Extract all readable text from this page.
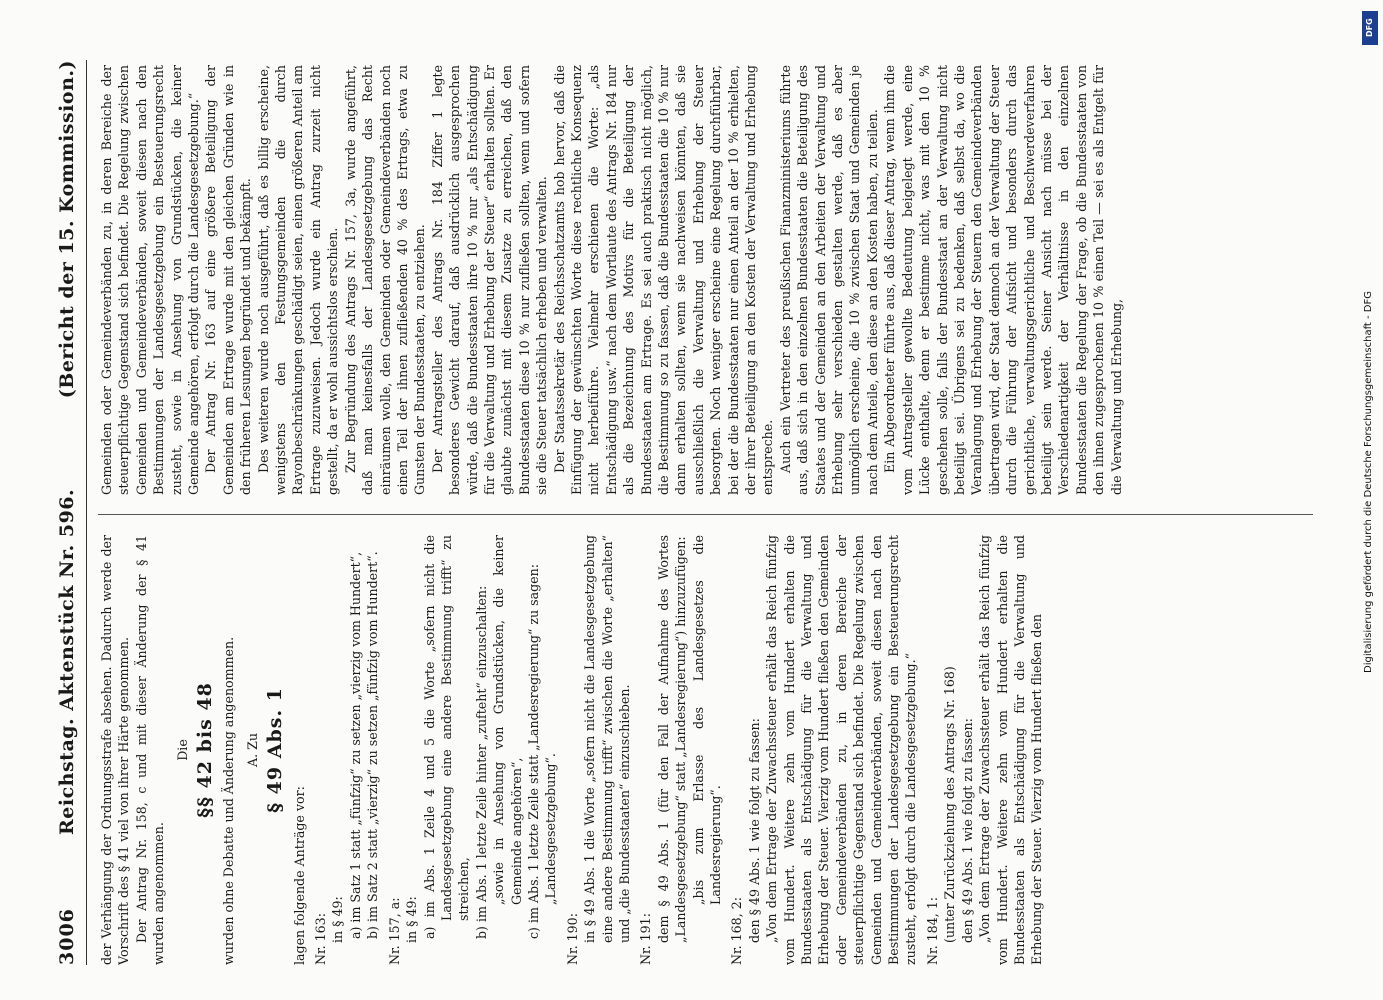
3006
Reichstag. Aktenstück Nr. 596.
(Bericht der 15. Kommission.)

der Verhängung der Ordnungsstrafe absehen. Dadurch werde der Vorschrift des § 41 viel von ihrer Härte genommen. Der Antrag Nr. 158, c und mit dieser Änderung der § 41 wurden angenommen.

Die §§ 42 bis 48 wurden ohne Debatte und Änderung angenommen. A. Zu § 49 Abs. 1

lagen folgende Anträge vor: Nr. 163: in § 49: a) im Satz 1 statt „fünfzig“ zu setzen „vierzig vom Hundert“, b) im Satz 2 statt „vierzig“ zu setzen „fünfzig vom Hundert“. Nr. 157, a: in § 49: a) im Abs. 1 Zeile 4 und 5 die Worte „sofern nicht die Landesgesetzgebung eine andere Bestimmung trifft“ zu streichen, b) im Abs. 1 letzte Zeile hinter „zufteht“ einzuschalten: „sowie in Ansehung von Grundstücken, die keiner Gemeinde angehören“, c) im Abs. 1 letzte Zeile statt „Landesregierung“ zu sagen: „Landesgesetzgebung“.

Nr. 190: in § 49 Abs. 1 die Worte „sofern nicht die Landesgesetzgebung eine andere Bestimmung trifft“ zwischen die Worte „erhalten“ und „die Bundesstaaten“ einzuschieben. Nr. 191: dem § 49 Abs. 1 (für den Fall der Aufnahme des Wortes „Landesgesetzgebung“ statt „Landesregierung“) hinzuzufügen: „bis zum Erlasse des Landesgesetzes die Landesregierung“.

Nr. 168, 2: den § 49 Abs. 1 wie folgt zu fassen: „Von dem Ertrage der Zuwachssteuer erhält das Reich fünfzig vom Hundert. Weitere zehn vom Hundert erhalten die Bundesstaaten als Entschädigung für die Verwaltung und Erhebung der Steuer. Vierzig vom Hundert fließen den Gemeinden oder Gemeindeverbänden zu, in deren Bereiche der steuerpflichtige Gegenstand sich befindet. Die Regelung zwischen Gemeinden und Gemeindeverbänden, soweit diesen nach den Bestimmungen der Landesgesetzgebung ein Besteuerungsrecht zusteht, erfolgt durch die Landesgesetzgebung.“ Nr. 184, 1: (unter Zurückziehung des Antrags Nr. 168) den § 49 Abs. 1 wie folgt zu fassen: „Von dem Ertrage der Zuwachssteuer erhält das Reich fünfzig vom Hundert. Weitere zehn vom Hundert erhalten die Bundesstaaten als Entschädigung für die Verwaltung und Erhebung der Steuer. Vierzig vom Hundert fließen den

Gemeinden oder Gemeindeverbänden zu, in deren Bereiche der steuerpflichtige Gegenstand sich befindet. Die Regelung zwischen Gemeinden und Gemeindeverbänden, soweit diesen nach den Bestimmungen der Landesgesetzgebung ein Besteuerungsrecht zusteht, sowie in Ansehung von Grundstücken, die keiner Gemeinde angehören, erfolgt durch die Landesgesetzgebung.“ Der Antrag Nr. 163 auf eine größere Beteiligung der Gemeinden am Ertrage wurde mit den gleichen Gründen wie in den früheren Lesungen begründet und bekämpft. Des weiteren wurde noch ausgeführt, daß es billig erscheine, wenigstens den Festungsgemeinden die durch Rayonbeschränkungen geschädigt seien, einen größeren Anteil am Ertrage zuzuweisen. Jedoch wurde ein Antrag zurzeit nicht gestellt, da er wohl aussichtslos erschien. Zur Begründung des Antrags Nr. 157, 3a, wurde angeführt, daß man keinesfalls der Landesgesetzgebung das Recht einräumen wolle, den Gemeinden oder Gemeindeverbänden noch einen Teil der ihnen zufließenden 40 % des Ertrags, etwa zu Gunsten der Bundesstaaten, zu entziehen. Der Antragsteller des Antrags Nr. 184 Ziffer 1 legte besonderes Gewicht darauf, daß ausdrücklich ausgesprochen würde, daß die Bundesstaaten ihre 10 % nur „als Entschädigung für die Verwaltung und Erhebung der Steuer“ erhalten sollten. Er glaubte zunächst mit diesem Zusatze zu erreichen, daß den Bundesstaaten diese 10 % nur zufließen sollten, wenn und sofern sie die Steuer tatsächlich erheben und verwalten. Der Staatssekretär des Reichsschatzamts hob hervor, daß die Einfügung der gewünschten Worte diese rechtliche Konsequenz nicht herbeiführe. Vielmehr erschienen die Worte: „als Entschädigung usw.“ nach dem Wortlaute des Antrags Nr. 184 nur als die Bezeichnung des Motivs für die Beteiligung der Bundesstaaten am Ertrage. Es sei auch praktisch nicht möglich, die Bestimmung so zu fassen, daß die Bundesstaaten die 10 % nur dann erhalten sollten, wenn sie nachweisen könnten, daß sie ausschließlich die Verwaltung und Erhebung der Steuer besorgten. Noch weniger erscheine eine Regelung durchführbar, bei der die Bundesstaaten nur einen Anteil an der 10 % erhielten, der ihrer Beteiligung an den Kosten der Verwaltung und Erhebung entspreche. Auch ein Vertreter des preußischen Finanzministeriums führte aus, daß sich in den einzelnen Bundesstaaten die Beteiligung des Staates und der Gemeinden an den Arbeiten der Verwaltung und Erhebung sehr verschieden gestalten werde, daß es aber unmöglich erscheine, die 10 % zwischen Staat und Gemeinden je nach dem Anteile, den diese an den Kosten haben, zu teilen. Ein Abgeordneter führte aus, daß dieser Antrag, wenn ihm die vom Antragsteller gewollte Bedeutung beigelegt werde, eine Lücke enthalte, denn er bestimme nicht, was mit den 10 % geschehen solle, falls der Bundesstaat an der Verwaltung nicht beteiligt sei. Übrigens sei zu bedenken, daß selbst da, wo die Veranlagung und Erhebung der Steuern den Gemeindeverbänden übertragen wird, der Staat dennoch an der Verwaltung der Steuer durch die Führung der Aufsicht und besonders durch das gerichtliche, verwaltungsgerichtliche und Beschwerdeverfahren beteiligt sein werde. Seiner Ansicht nach müsse bei der Verschiedenartigkeit der Verhältnisse in den einzelnen Bundesstaaten die Regelung der Frage, ob die Bundesstaaten von den ihnen zugesprochenen 10 % einen Teil — sei es als Entgelt für die Verwaltung und Erhebung,

DFG
Digitalisierung gefördert durch die Deutsche Forschungsgemeinschaft - DFG
